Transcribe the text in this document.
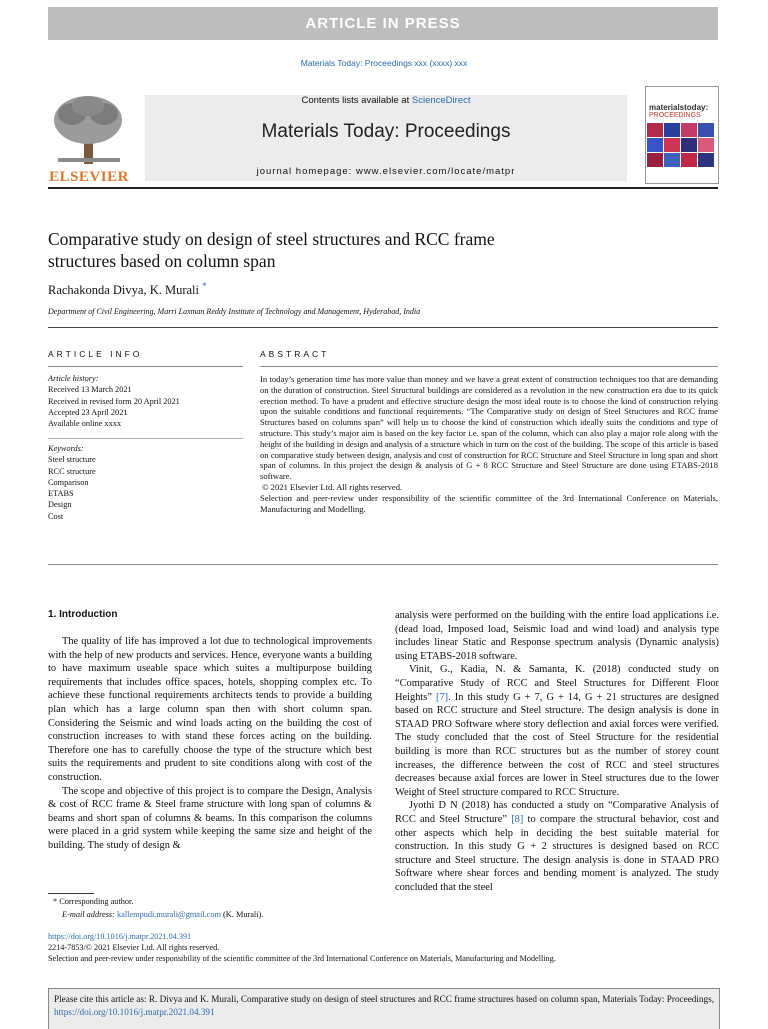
ARTICLE IN PRESS
Materials Today: Proceedings xxx (xxxx) xxx
ELSEVIER
Contents lists available at ScienceDirect
Materials Today: Proceedings
journal homepage: www.elsevier.com/locate/matpr
materialstoday:
PROCEEDINGS
Comparative study on design of steel structures and RCC frame
structures based on column span
Rachakonda Divya, K. Murali *
Department of Civil Engineering, Marri Laxman Reddy Institute of Technology and Management, Hyderabad, India
ARTICLE INFO
Article history:
Received 13 March 2021
Received in revised form 20 April 2021
Accepted 23 April 2021
Available online xxxx
Keywords:
Steel structure
RCC structure
Comparison
ETABS
Design
Cost
ABSTRACT
In today’s generation time has more value than money and we have a great extent of construction techniques too that are demanding on the duration of construction. Steel Structural buildings are considered as a revolution in the new construction era due to its quick erection method. To have a prudent and effective structure design the most ideal route is to choose the kind of construction relying upon the suitable conditions and functional requirements. “The Comparative study on design of Steel Structures and RCC frame Structures based on columns span” will help us to choose the kind of construction which ideally suits the conditions and type of structure. This study’s major aim is based on the key factor i.e. span of the column, which can also play a major role along with the height of the building in design and analysis of a structure which in turn on the cost of the building. The scope of this article is based on comparative study between design, analysis and cost of construction for RCC Structure and Steel Structure in long span and short span of columns. In this project the design & analysis of G + 8 RCC Structure and Steel Structure are done using ETABS-2018 software.
© 2021 Elsevier Ltd. All rights reserved.
Selection and peer-review under responsibility of the scientific committee of the 3rd International Conference on Materials, Manufacturing and Modelling.
1. Introduction

The quality of life has improved a lot due to technological improvements with the help of new products and services. Hence, everyone wants a building to have maximum useable space which suites a multipurpose building requirements that includes office spaces, hotels, shopping complex etc. To achieve these functional requirements architects tends to provide a building plan which has a large column span then with short column span. Considering the Seismic and wind loads acting on the building the cost of construction increases to with stand these forces acting on the building. Therefore one has to carefully choose the type of the structure which best suits the requirements and prudent to site conditions along with cost of the construction.

The scope and objective of this project is to compare the Design, Analysis & cost of RCC frame & Steel frame structure with long span of columns & beams and short span of columns & beams. In this comparison the columns were placed in a grid system while keeping the same size and height of the building. The study of design &

analysis were performed on the building with the entire load applications i.e. (dead load, Imposed load, Seismic load and wind load) and analysis type includes linear Static and Response spectrum analysis (Dynamic analysis) using ETABS-2018 software.

Vinit, G., Kadia, N. & Samanta, K. (2018) conducted study on “Comparative Study of RCC and Steel Structures for Different Floor Heights” [7]. In this study G + 7, G + 14, G + 21 structures are designed based on RCC structure and Steel structure. The design analysis is done in STAAD PRO Software where story deflection and axial forces were verified. The study concluded that the cost of Steel Structure for the residential building is more than RCC structures but as the number of storey count increases, the difference between the cost of RCC and steel structures decreases because axial forces are lower in Steel structures due to the lower Weight of Steel structure compared to RCC Structure.

Jyothi D N (2018) has conducted a study on “Comparative Analysis of RCC and Steel Structure” [8] to compare the structural behavior, cost and other aspects which help in deciding the best suitable material for construction. In this study G + 2 structures is designed based on RCC structure and Steel structure. The design analysis is done in STAAD PRO Software where shear forces and bending moment is analyzed. The study concluded that the steel

* Corresponding author.
E-mail address: kallempudi.murali@gmail.com (K. Murali).
https://doi.org/10.1016/j.matpr.2021.04.391
2214-7853/© 2021 Elsevier Ltd. All rights reserved.
Selection and peer-review under responsibility of the scientific committee of the 3rd International Conference on Materials, Manufacturing and Modelling.
Please cite this article as: R. Divya and K. Murali, Comparative study on design of steel structures and RCC frame structures based on column span, Materials Today: Proceedings, https://doi.org/10.1016/j.matpr.2021.04.391
